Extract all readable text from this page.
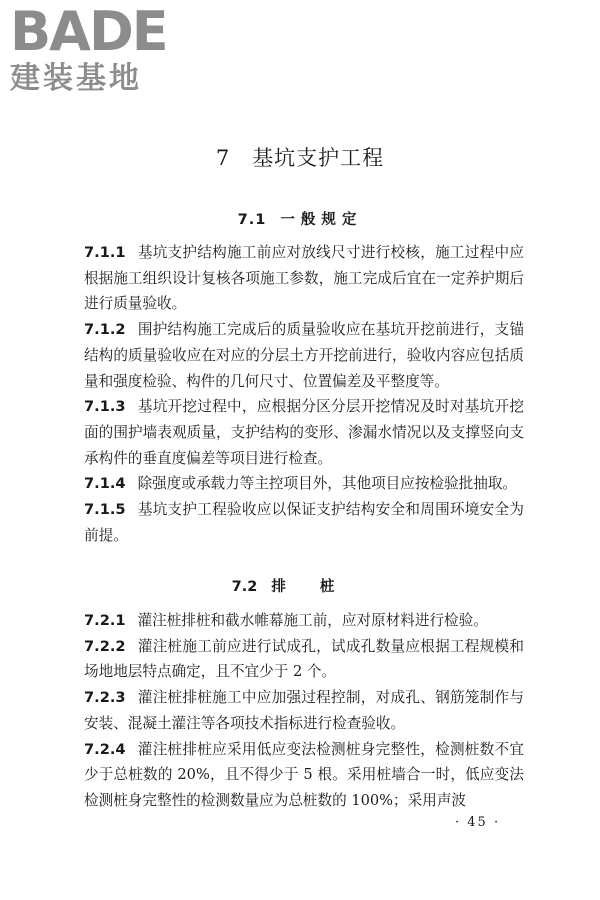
BADE
建装基地
7 基坑支护工程
7.1 一般规定

7.1.1 基坑支护结构施工前应对放线尺寸进行校核，施工过程中应根据施工组织设计复核各项施工参数，施工完成后宜在一定养护期后进行质量验收。

7.1.2 围护结构施工完成后的质量验收应在基坑开挖前进行，支锚结构的质量验收应在对应的分层土方开挖前进行，验收内容应包括质量和强度检验、构件的几何尺寸、位置偏差及平整度等。

7.1.3 基坑开挖过程中，应根据分区分层开挖情况及时对基坑开挖面的围护墙表观质量，支护结构的变形、渗漏水情况以及支撑竖向支承构件的垂直度偏差等项目进行检查。

7.1.4 除强度或承载力等主控项目外，其他项目应按检验批抽取。

7.1.5 基坑支护工程验收应以保证支护结构安全和周围环境安全为前提。

7.2 排桩

7.2.1 灌注桩排桩和截水帷幕施工前，应对原材料进行检验。

7.2.2 灌注桩施工前应进行试成孔，试成孔数量应根据工程规模和场地地层特点确定，且不宜少于 2 个。

7.2.3 灌注桩排桩施工中应加强过程控制，对成孔、钢筋笼制作与安装、混凝土灌注等各项技术指标进行检查验收。

7.2.4 灌注桩排桩应采用低应变法检测桩身完整性，检测桩数不宜少于总桩数的 20%，且不得少于 5 根。采用桩墙合一时，低应变法检测桩身完整性的检测数量应为总桩数的 100%；采用声波

· 45 ·
